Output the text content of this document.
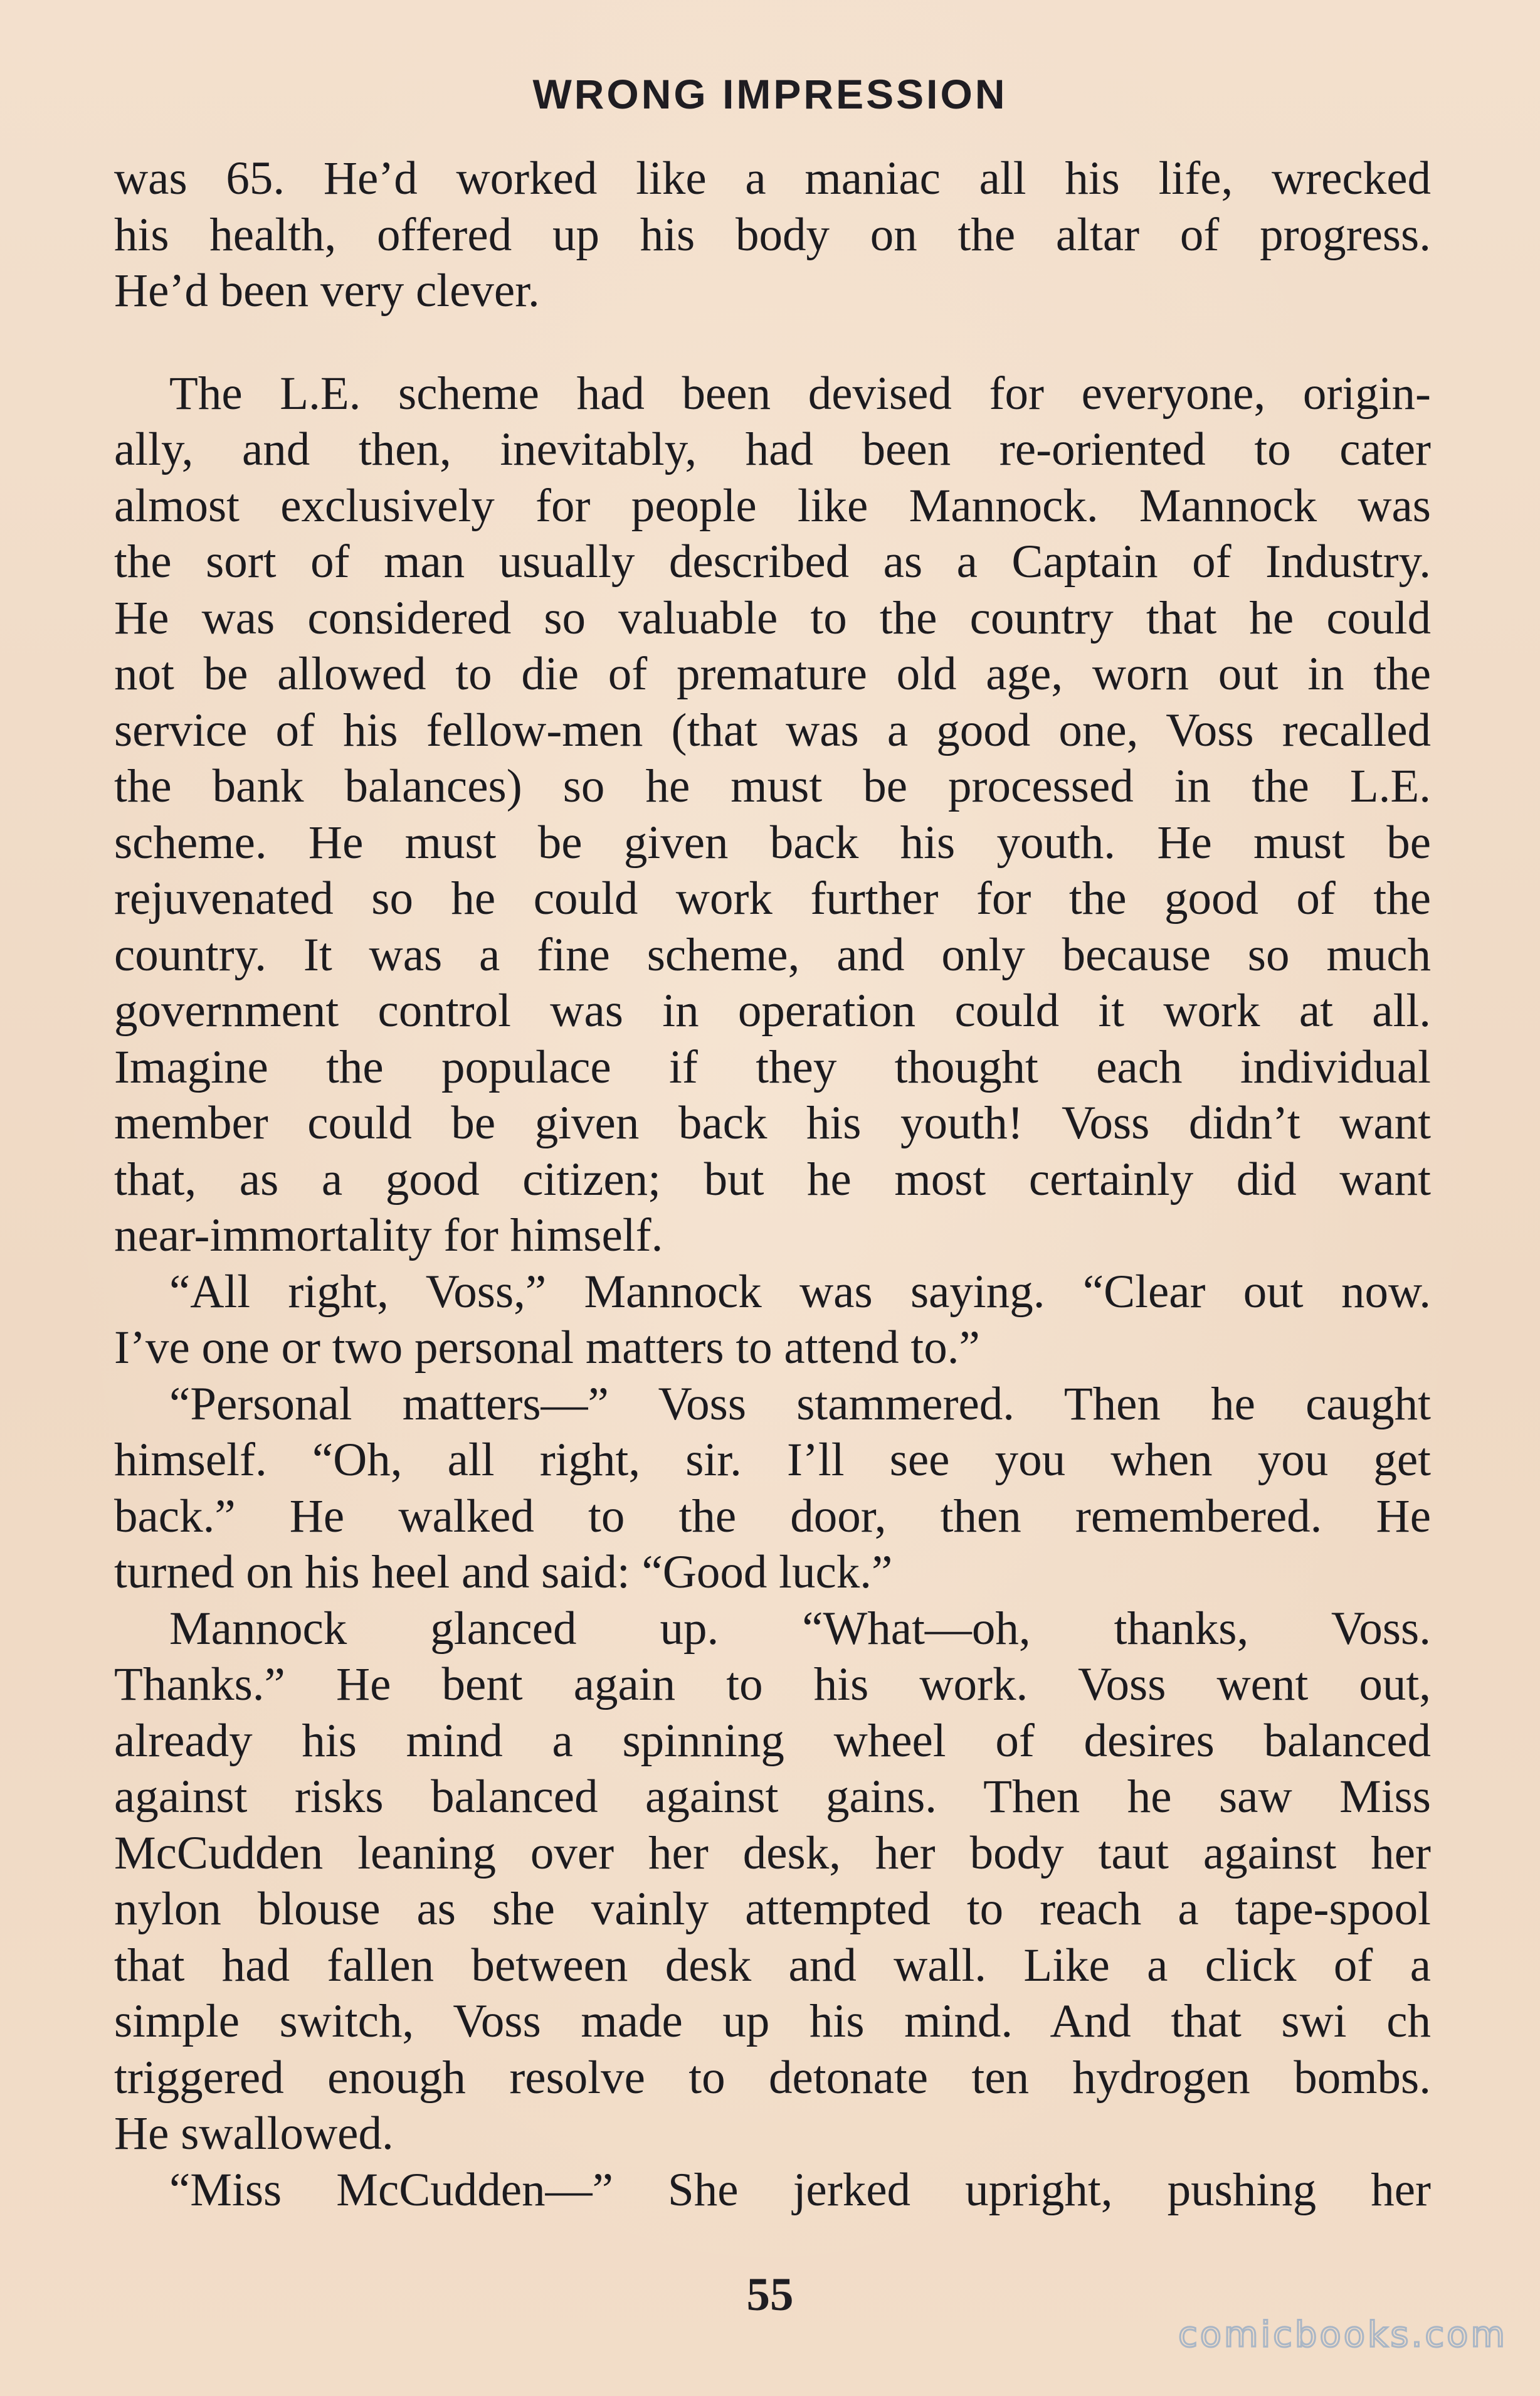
WRONG IMPRESSION
was 65. He’d worked like a maniac all his life, wrecked
his health, offered up his body on the altar of progress.
He’d been very clever.
The L.E. scheme had been devised for everyone, origin-
ally, and then, inevitably, had been re-oriented to cater
almost exclusively for people like Mannock. Mannock was
the sort of man usually described as a Captain of Industry.
He was considered so valuable to the country that he could
not be allowed to die of premature old age, worn out in the
service of his fellow-men (that was a good one, Voss recalled
the bank balances) so he must be processed in the L.E.
scheme. He must be given back his youth. He must be
rejuvenated so he could work further for the good of the
country. It was a fine scheme, and only because so much
government control was in operation could it work at all.
Imagine the populace if they thought each individual
member could be given back his youth! Voss didn’t want
that, as a good citizen; but he most certainly did want
near-immortality for himself.
“All right, Voss,” Mannock was saying. “Clear out now.
I’ve one or two personal matters to attend to.”
“Personal matters—” Voss stammered. Then he caught
himself. “Oh, all right, sir. I’ll see you when you get
back.” He walked to the door, then remembered. He
turned on his heel and said: “Good luck.”
Mannock glanced up. “What—oh, thanks, Voss.
Thanks.” He bent again to his work. Voss went out,
already his mind a spinning wheel of desires balanced
against risks balanced against gains. Then he saw Miss
McCudden leaning over her desk, her body taut against her
nylon blouse as she vainly attempted to reach a tape-spool
that had fallen between desk and wall. Like a click of a
simple switch, Voss made up his mind. And that swi ch
triggered enough resolve to detonate ten hydrogen bombs.
He swallowed.
“Miss McCudden—” She jerked upright, pushing her
55
comicbooks.com
